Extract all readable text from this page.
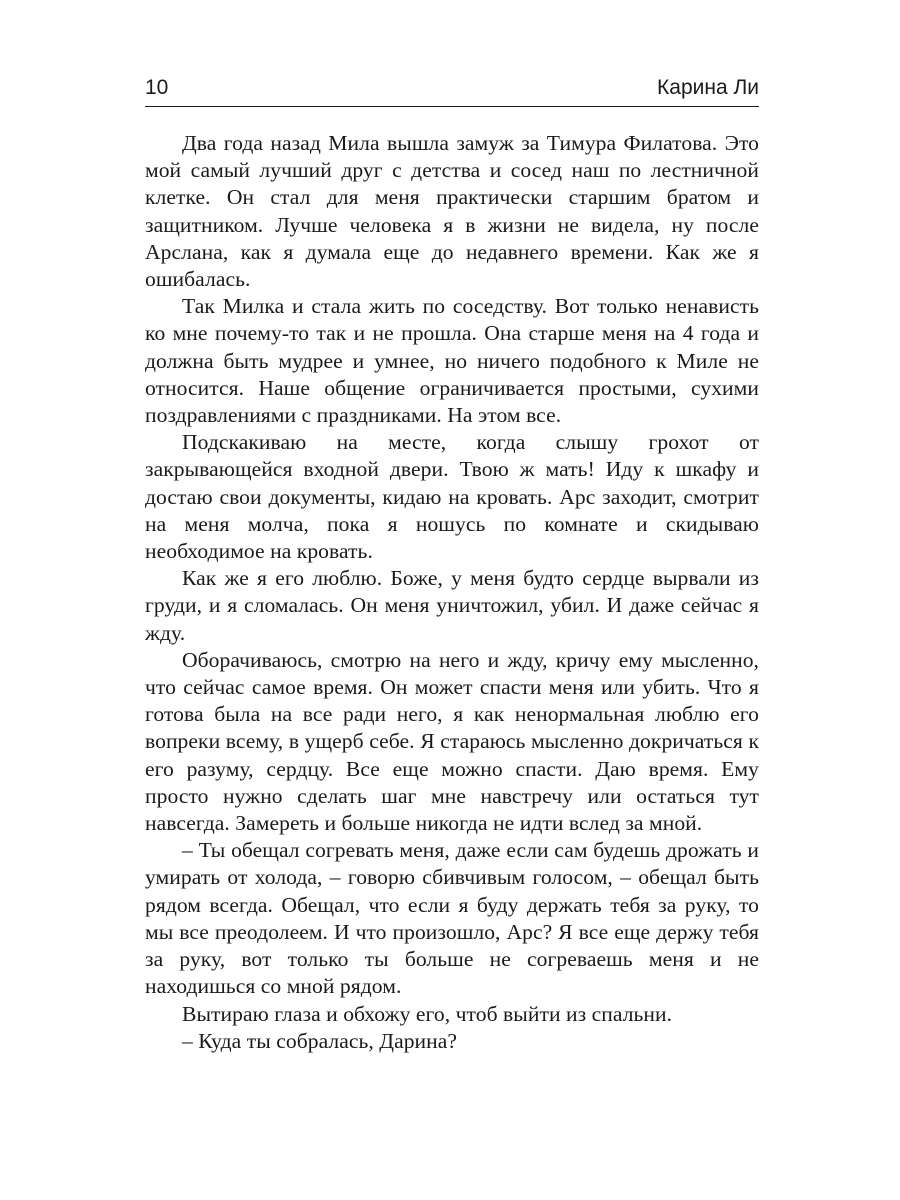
10	Карина Ли

Два года назад Мила вышла замуж за Тимура Филатова. Это мой самый лучший друг с детства и сосед наш по лестничной клетке. Он стал для меня практически старшим братом и защитником. Лучше человека я в жизни не видела, ну после Арслана, как я думала еще до недавнего времени. Как же я ошибалась.

Так Милка и стала жить по соседству. Вот только ненависть ко мне почему-то так и не прошла. Она старше меня на 4 года и должна быть мудрее и умнее, но ничего подобного к Миле не относится. Наше общение ограничивается простыми, сухими поздравлениями с праздниками. На этом все.

Подскакиваю на месте, когда слышу грохот от закрывающейся входной двери. Твою ж мать! Иду к шкафу и достаю свои документы, кидаю на кровать. Арс заходит, смотрит на меня молча, пока я ношусь по комнате и скидываю необходимое на кровать.

Как же я его люблю. Боже, у меня будто сердце вырвали из груди, и я сломалась. Он меня уничтожил, убил. И даже сейчас я жду.

Оборачиваюсь, смотрю на него и жду, кричу ему мысленно, что сейчас самое время. Он может спасти меня или убить. Что я готова была на все ради него, я как ненормальная люблю его вопреки всему, в ущерб себе. Я стараюсь мысленно докричаться к его разуму, сердцу. Все еще можно спасти. Даю время. Ему просто нужно сделать шаг мне навстречу или остаться тут навсегда. Замереть и больше никогда не идти вслед за мной.

– Ты обещал согревать меня, даже если сам будешь дрожать и умирать от холода, – говорю сбивчивым голосом, – обещал быть рядом всегда. Обещал, что если я буду держать тебя за руку, то мы все преодолеем. И что произошло, Арс? Я все еще держу тебя за руку, вот только ты больше не согреваешь меня и не находишься со мной рядом.

Вытираю глаза и обхожу его, чтоб выйти из спальни.

– Куда ты собралась, Дарина?
